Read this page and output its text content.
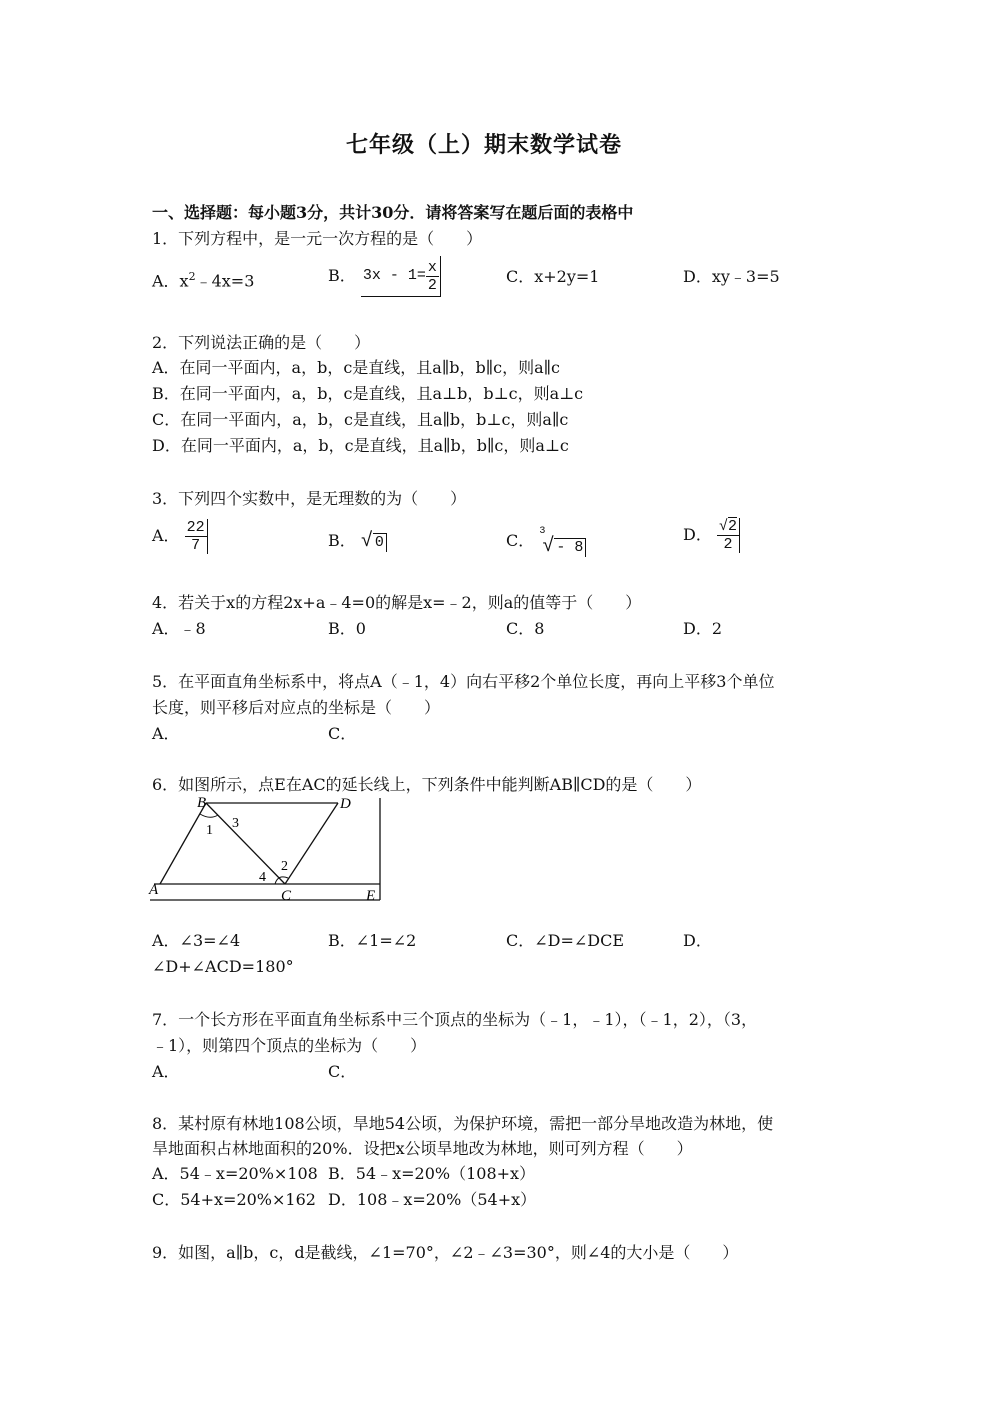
七年级（上）期末数学试卷
一、选择题：每小题3分，共计30分．请将答案写在题后面的表格中
1．下列方程中，是一元一次方程的是（　　）
A．$x^2﹣4x=3$	B． $3x - 1= \frac{x}{2}$	C．x+2y=1	D．xy﹣3=5
2．下列说法正确的是（　　）
A．在同一平面内，a，b，c是直线，且a∥b，b∥c，则a∥c
B．在同一平面内，a，b，c是直线，且a⊥b，b⊥c，则a⊥c
C．在同一平面内，a，b，c是直线，且a∥b，b⊥c，则a∥c
D．在同一平面内，a，b，c是直线，且a∥b，b∥c，则a⊥c
3．下列四个实数中，是无理数的为（　　）
A． $\frac{22}{7}$	B． √ 0	C． 3
√ - 8
D． $\frac{√2}{2}$
4．若关于x的方程2x+a﹣4=0的解是x=﹣2，则a的值等于（　　）
A．﹣8	B．0	C．8	D．2
5．在平面直角坐标系中，将点A（﹣1，4）向右平移2个单位长度，再向上平移3个单位
长度，则平移后对应点的坐标是（　　）
A．	C．
6．如图所示，点E在AC的延长线上，下列条件中能判断AB∥CD的是（　　）
B	D
A	C	E
1 3
2
4
A．∠3=∠4	B．∠1=∠2	C．∠D=∠DCE	D．
∠D+∠ACD=180°
7．一个长方形在平面直角坐标系中三个顶点的坐标为（﹣1，﹣1），（﹣1，2），（3，
﹣1），则第四个顶点的坐标为（　　）
A．	C．
8．某村原有林地108公顷，旱地54公顷，为保护环境，需把一部分旱地改造为林地，使
旱地面积占林地面积的20%．设把x公顷旱地改为林地，则可列方程（　　）
A．54﹣x=20%×108 B．54﹣x=20%（108+x）
C．54+x=20%×162 D．108﹣x=20%（54+x）
9．如图，a∥b，c，d是截线，∠1=70°，∠2﹣∠3=30°，则∠4的大小是（　　）
